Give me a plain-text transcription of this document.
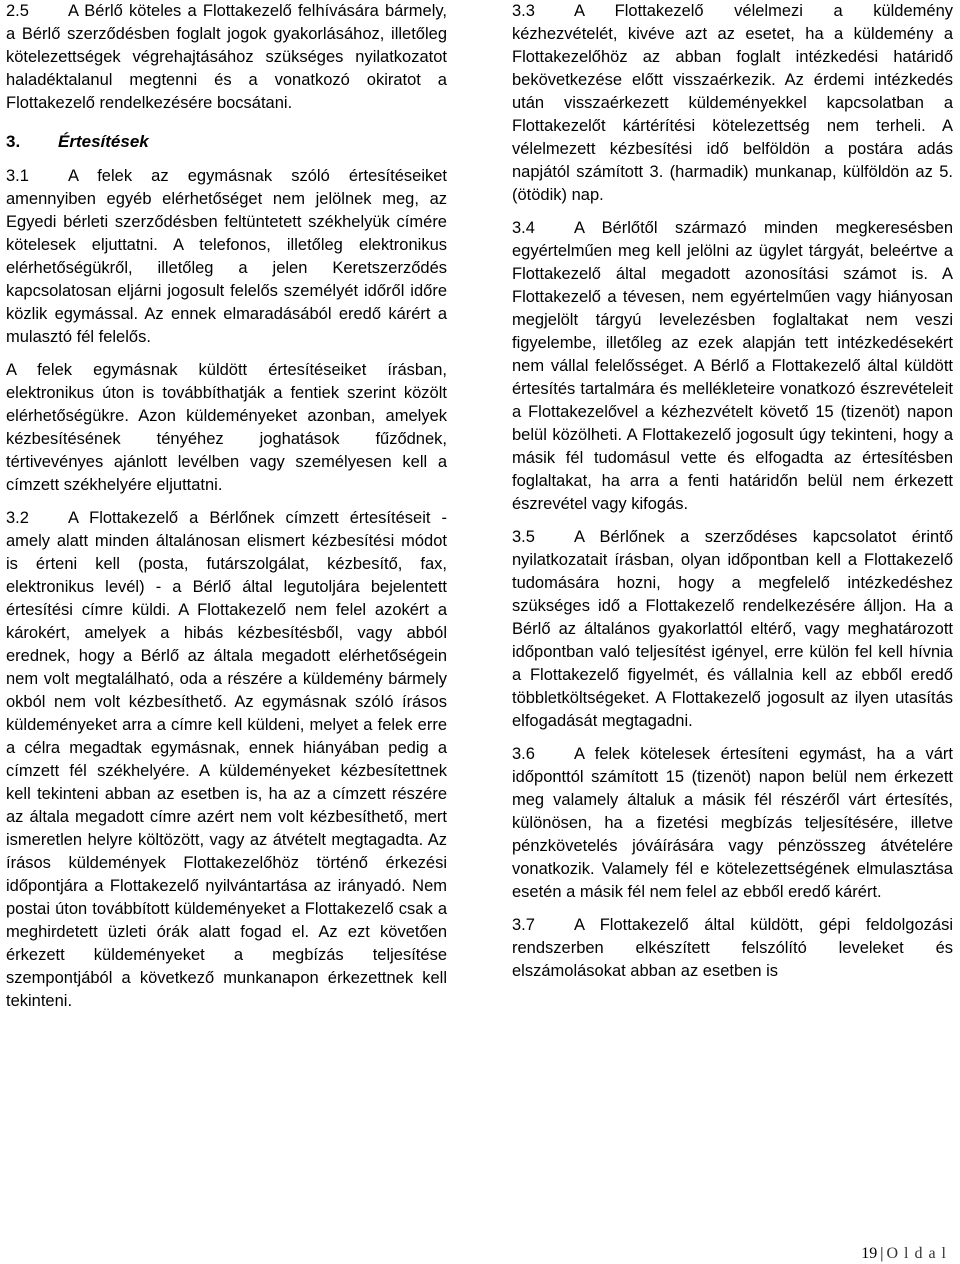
2.5 A Bérlő köteles a Flottakezelő felhívására bármely, a Bérlő szerződésben foglalt jogok gyakorlásához, illetőleg kötelezettségek végrehajtásához szükséges nyilatkozatot haladéktalanul megtenni és a vonatkozó okiratot a Flottakezelő rendelkezésére bocsátani.

3. Értesítések

3.1 A felek az egymásnak szóló értesítéseiket amennyiben egyéb elérhetőséget nem jelölnek meg, az Egyedi bérleti szerződésben feltüntetett székhelyük címére kötelesek eljuttatni. A telefonos, illetőleg elektronikus elérhetőségükről, illetőleg a jelen Keretszerződés kapcsolatosan eljárni jogosult felelős személyét időről időre közlik egymással. Az ennek elmaradásából eredő kárért a mulasztó fél felelős.

A felek egymásnak küldött értesítéseiket írásban, elektronikus úton is továbbíthatják a fentiek szerint közölt elérhetőségükre. Azon küldeményeket azonban, amelyek kézbesítésének tényéhez joghatások fűződnek, tértivevényes ajánlott levélben vagy személyesen kell a címzett székhelyére eljuttatni.

3.2 A Flottakezelő a Bérlőnek címzett értesítéseit - amely alatt minden általánosan elismert kézbesítési módot is érteni kell (posta, futárszolgálat, kézbesítő, fax, elektronikus levél) - a Bérlő által legutoljára bejelentett értesítési címre küldi. A Flottakezelő nem felel azokért a károkért, amelyek a hibás kézbesítésből, vagy abból erednek, hogy a Bérlő az általa megadott elérhetőségein nem volt megtalálható, oda a részére a küldemény bármely okból nem volt kézbesíthető. Az egymásnak szóló írásos küldeményeket arra a címre kell küldeni, melyet a felek erre a célra megadtak egymásnak, ennek hiányában pedig a címzett fél székhelyére. A küldeményeket kézbesítettnek kell tekinteni abban az esetben is, ha az a címzett részére az általa megadott címre azért nem volt kézbesíthető, mert ismeretlen helyre költözött, vagy az átvételt megtagadta. Az írásos küldemények Flottakezelőhöz történő érkezési időpontjára a Flottakezelő nyilvántartása az irányadó. Nem postai úton továbbított küldeményeket a Flottakezelő csak a meghirdetett üzleti órák alatt fogad el. Az ezt követően érkezett küldeményeket a megbízás teljesítése szempontjából a következő munkanapon érkezettnek kell tekinteni.

3.3 A Flottakezelő vélelmezi a küldemény kézhezvételét, kivéve azt az esetet, ha a küldemény a Flottakezelőhöz az abban foglalt intézkedési határidő bekövetkezése előtt visszaérkezik. Az érdemi intézkedés után visszaérkezett küldeményekkel kapcsolatban a Flottakezelőt kártérítési kötelezettség nem terheli. A vélelmezett kézbesítési idő belföldön a postára adás napjától számított 3. (harmadik) munkanap, külföldön az 5. (ötödik) nap.

3.4 A Bérlőtől származó minden megkeresésben egyértelműen meg kell jelölni az ügylet tárgyát, beleértve a Flottakezelő által megadott azonosítási számot is. A Flottakezelő a tévesen, nem egyértelműen vagy hiányosan megjelölt tárgyú levelezésben foglaltakat nem veszi figyelembe, illetőleg az ezek alapján tett intézkedésekért nem vállal felelősséget. A Bérlő a Flottakezelő által küldött értesítés tartalmára és mellékleteire vonatkozó észrevételeit a Flottakezelővel a kézhezvételt követő 15 (tizenöt) napon belül közölheti. A Flottakezelő jogosult úgy tekinteni, hogy a másik fél tudomásul vette és elfogadta az értesítésben foglaltakat, ha arra a fenti határidőn belül nem érkezett észrevétel vagy kifogás.

3.5 A Bérlőnek a szerződéses kapcsolatot érintő nyilatkozatait írásban, olyan időpontban kell a Flottakezelő tudomására hozni, hogy a megfelelő intézkedéshez szükséges idő a Flottakezelő rendelkezésére álljon. Ha a Bérlő az általános gyakorlattól eltérő, vagy meghatározott időpontban való teljesítést igényel, erre külön fel kell hívnia a Flottakezelő figyelmét, és vállalnia kell az ebből eredő többletköltségeket. A Flottakezelő jogosult az ilyen utasítás elfogadását megtagadni.

3.6 A felek kötelesek értesíteni egymást, ha a várt időponttól számított 15 (tizenöt) napon belül nem érkezett meg valamely általuk a másik fél részéről várt értesítés, különösen, ha a fizetési megbízás teljesítésére, illetve pénzkövetelés jóváírására vagy pénzösszeg átvételére vonatkozik. Valamely fél e kötelezettségének elmulasztása esetén a másik fél nem felel az ebből eredő kárért.

3.7 A Flottakezelő által küldött, gépi feldolgozási rendszerben elkészített felszólító leveleket és elszámolásokat abban az esetben is

19 | Oldal
